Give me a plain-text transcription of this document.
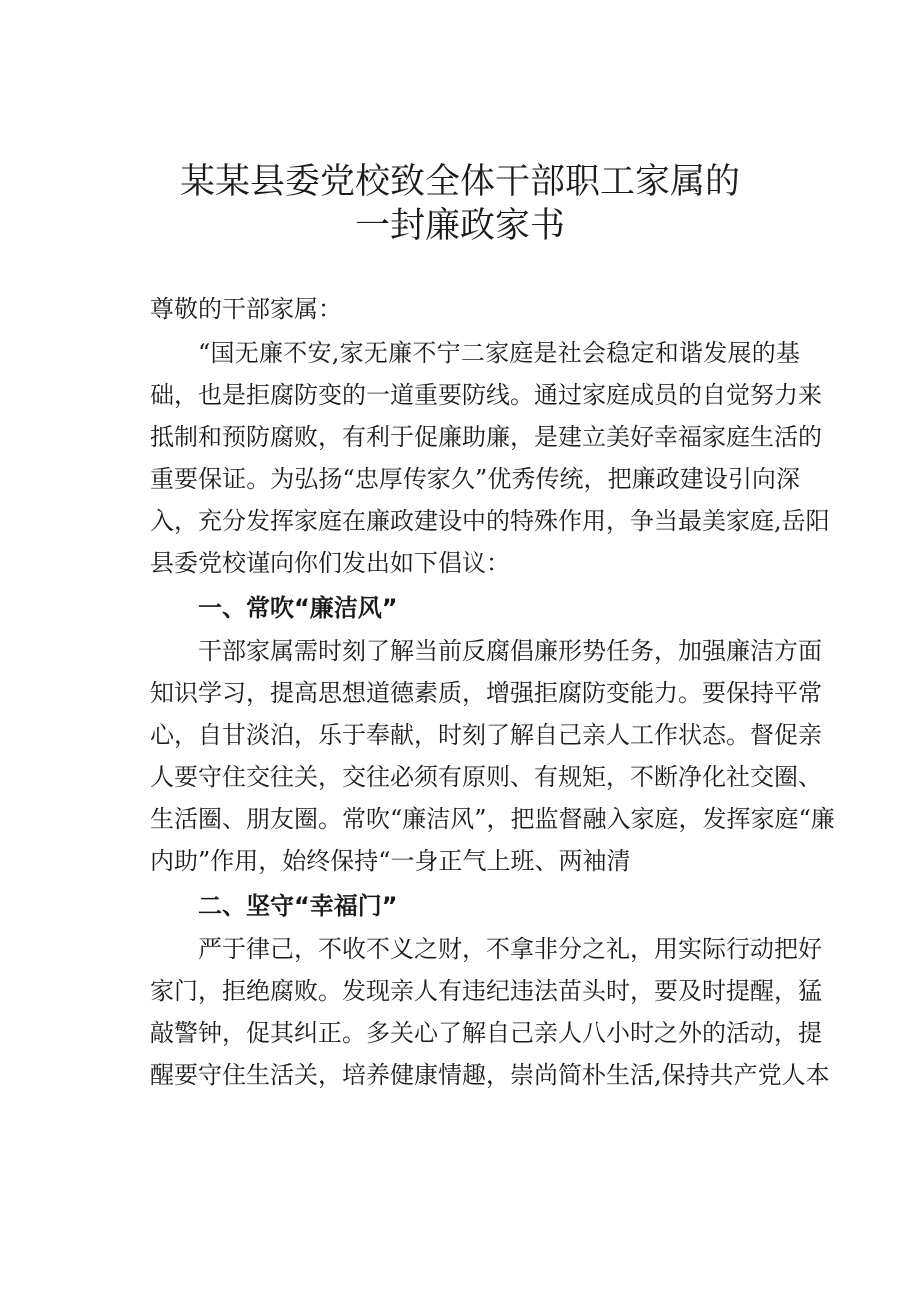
某某县委党校致全体干部职工家属的
一封廉政家书

尊敬的干部家属：

“国无廉不安,家无廉不宁二家庭是社会稳定和谐发展的基

础，也是拒腐防变的一道重要防线。通过家庭成员的自觉努力来

抵制和预防腐败，有利于促廉助廉，是建立美好幸福家庭生活的

重要保证。为弘扬“忠厚传家久”优秀传统，把廉政建设引向深

入，充分发挥家庭在廉政建设中的特殊作用，争当最美家庭,岳阳

县委党校谨向你们发出如下倡议：

一、常吹“廉洁风”

干部家属需时刻了解当前反腐倡廉形势任务，加强廉洁方面

知识学习，提高思想道德素质，增强拒腐防变能力。要保持平常

心，自甘淡泊，乐于奉献，时刻了解自己亲人工作状态。督促亲

人要守住交往关，交往必须有原则、有规矩，不断净化社交圈、

生活圈、朋友圈。常吹“廉洁风”，把监督融入家庭，发挥家庭“廉

内助”作用，始终保持“一身正气上班、两袖清

二、坚守“幸福门”

严于律己，不收不义之财，不拿非分之礼，用实际行动把好

家门，拒绝腐败。发现亲人有违纪违法苗头时，要及时提醒，猛

敲警钟，促其纠正。多关心了解自己亲人八小时之外的活动，提

醒要守住生活关，培养健康情趣，崇尚简朴生活,保持共产党人本
